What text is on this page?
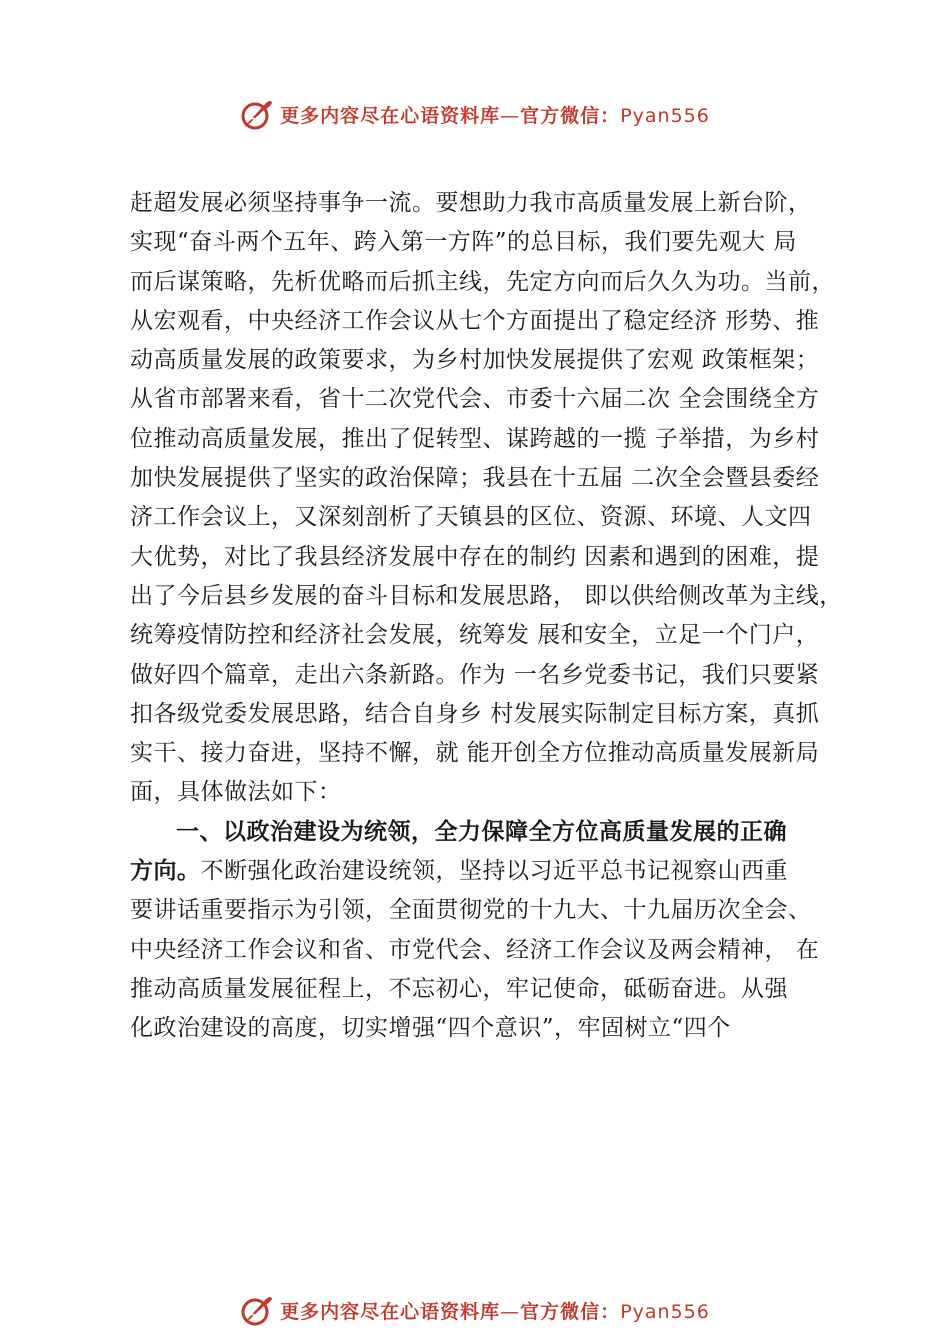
更多内容尽在心语资料库—官方微信：Pyan556
赶超发展必须坚持事争一流。要想助力我市高质量发展上新台阶，
实现“奋斗两个五年、跨入第一方阵”的总目标，我们要先观大 局
而后谋策略，先析优略而后抓主线，先定方向而后久久为功。当前，
从宏观看，中央经济工作会议从七个方面提出了稳定经济 形势、推
动高质量发展的政策要求，为乡村加快发展提供了宏观 政策框架；
从省市部署来看，省十二次党代会、市委十六届二次 全会围绕全方
位推动高质量发展，推出了促转型、谋跨越的一揽 子举措，为乡村
加快发展提供了坚实的政治保障；我县在十五届 二次全会暨县委经
济工作会议上，又深刻剖析了天镇县的区位、资源、环境、人文四
大优势，对比了我县经济发展中存在的制约 因素和遇到的困难，提
出了今后县乡发展的奋斗目标和发展思路， 即以供给侧改革为主线，
统筹疫情防控和经济社会发展，统筹发 展和安全，立足一个门户，
做好四个篇章，走出六条新路。作为 一名乡党委书记，我们只要紧
扣各级党委发展思路，结合自身乡 村发展实际制定目标方案，真抓
实干、接力奋进，坚持不懈，就 能开创全方位推动高质量发展新局
面，具体做法如下：
一、以政治建设为统领，全力保障全方位高质量发展的正确
方向。不断强化政治建设统领，坚持以习近平总书记视察山西重
要讲话重要指示为引领，全面贯彻党的十九大、十九届历次全会、
中央经济工作会议和省、市党代会、经济工作会议及两会精神， 在
推动高质量发展征程上，不忘初心，牢记使命，砥砺奋进。从强
化政治建设的高度，切实增强“四个意识”，牢固树立“四个
更多内容尽在心语资料库—官方微信：Pyan556
